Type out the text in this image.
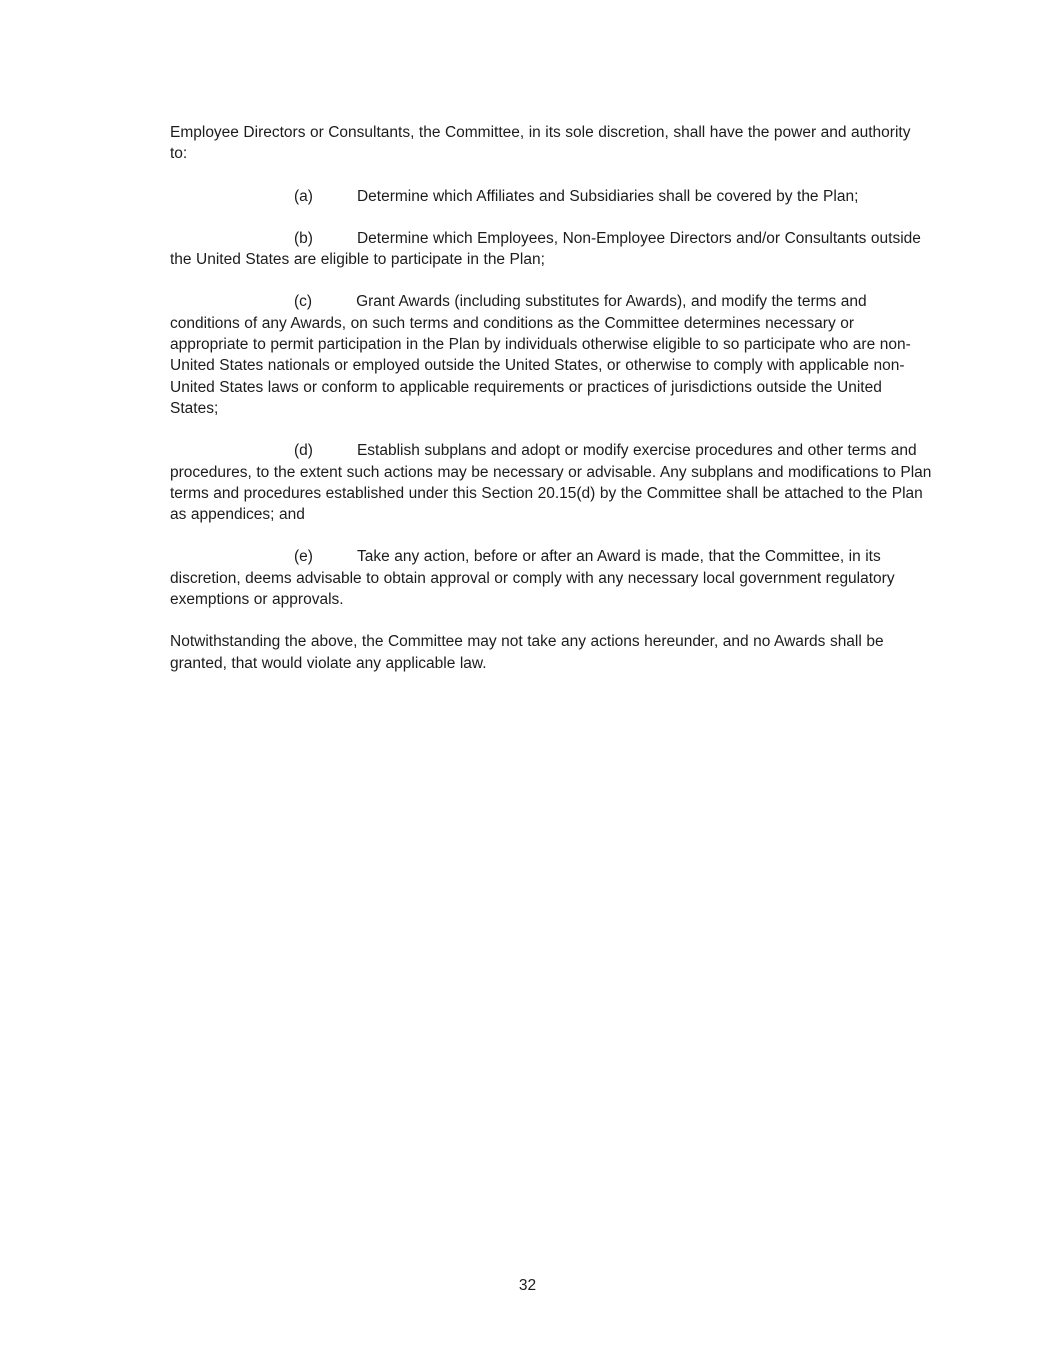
Employee Directors or Consultants, the Committee, in its sole discretion, shall have the power and authority to:

(a)	Determine which Affiliates and Subsidiaries shall be covered by the Plan;

(b)	Determine which Employees, Non-Employee Directors and/or Consultants outside the United States are eligible to participate in the Plan;

(c)	Grant Awards (including substitutes for Awards), and modify the terms and conditions of any Awards, on such terms and conditions as the Committee determines necessary or appropriate to permit participation in the Plan by individuals otherwise eligible to so participate who are non-United States nationals or employed outside the United States, or otherwise to comply with applicable non-United States laws or conform to applicable requirements or practices of jurisdictions outside the United States;

(d)	Establish subplans and adopt or modify exercise procedures and other terms and procedures, to the extent such actions may be necessary or advisable. Any subplans and modifications to Plan terms and procedures established under this Section 20.15(d) by the Committee shall be attached to the Plan as appendices; and

(e)	Take any action, before or after an Award is made, that the Committee, in its discretion, deems advisable to obtain approval or comply with any necessary local government regulatory exemptions or approvals.

Notwithstanding the above, the Committee may not take any actions hereunder, and no Awards shall be granted, that would violate any applicable law.

32
